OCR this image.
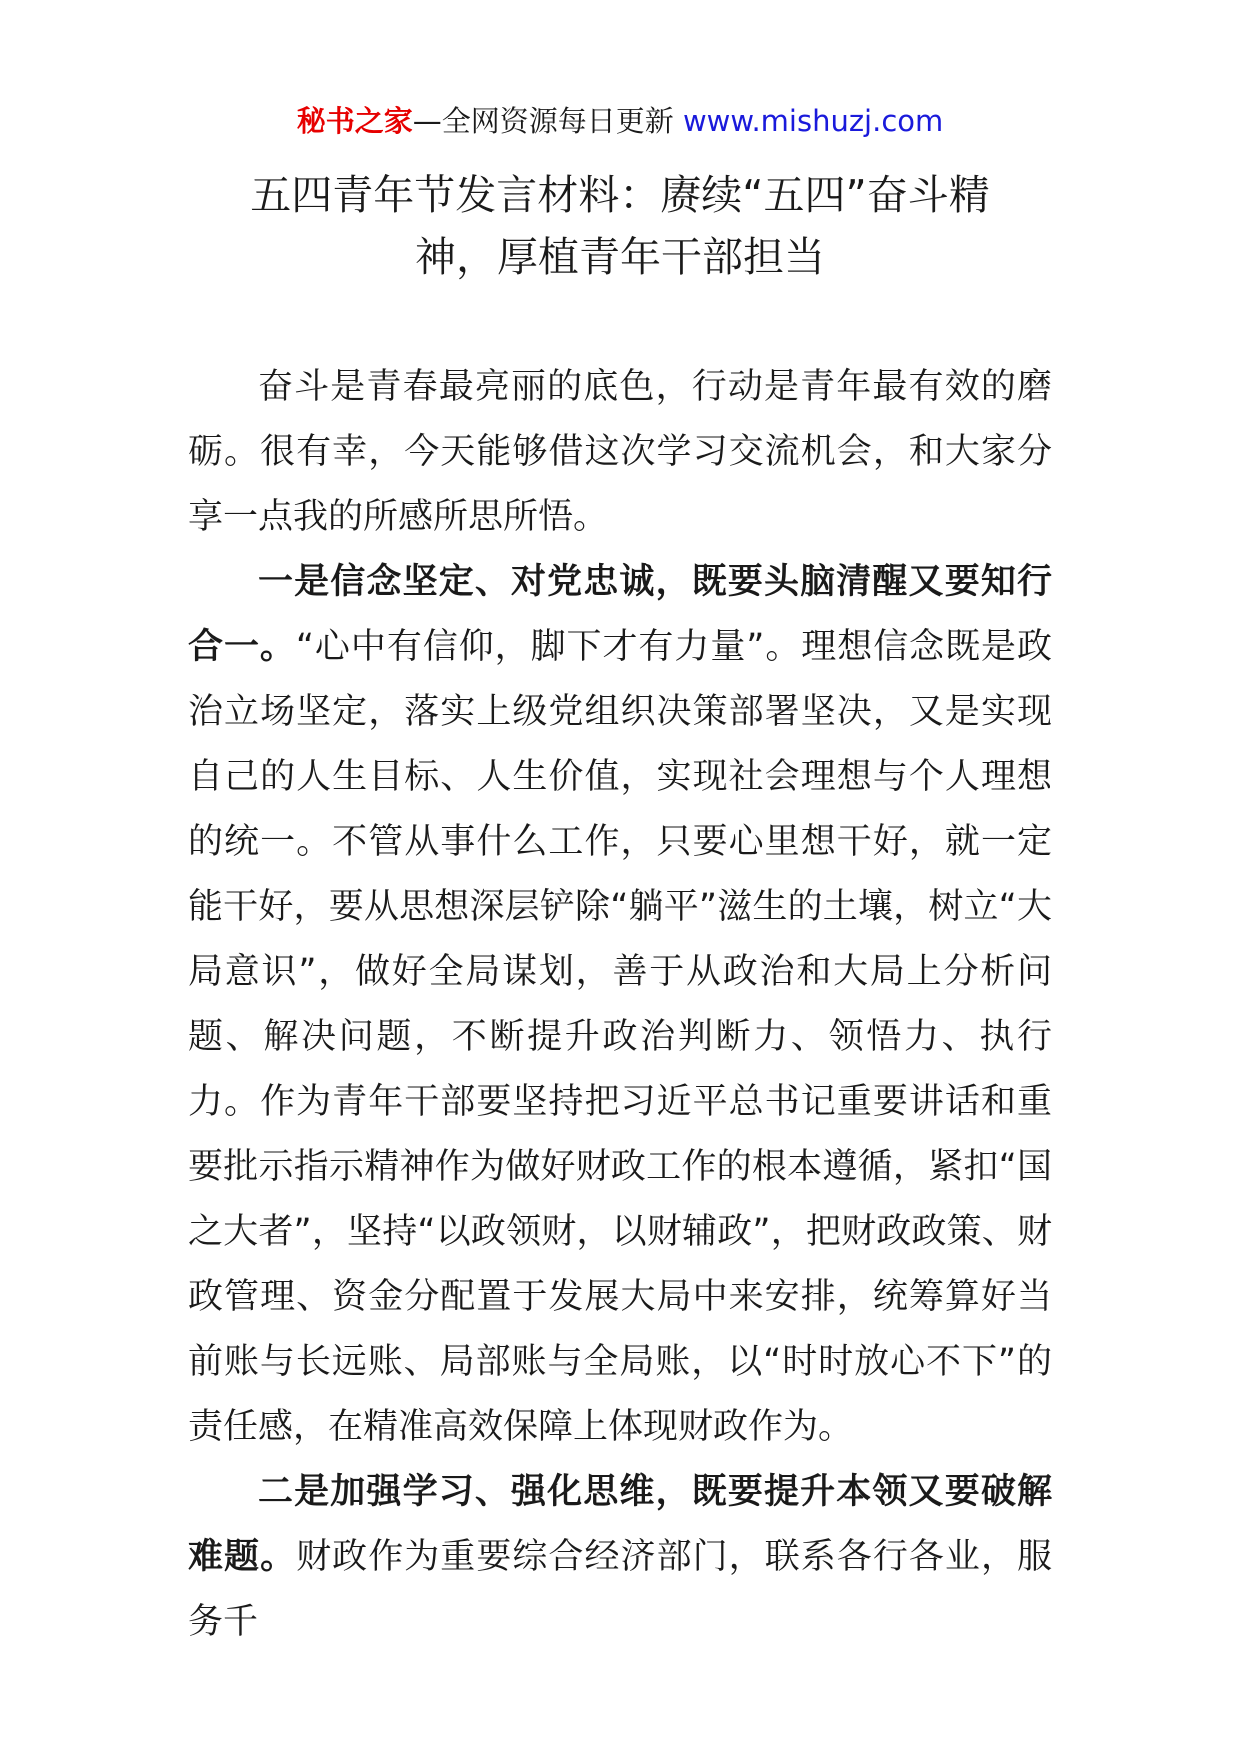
秘书之家—全网资源每日更新 www.mishuzj.com
五四青年节发言材料：赓续“五四”奋斗精
神，厚植青年干部担当

奋斗是青春最亮丽的底色，行动是青年最有效的磨砺。很有幸，今天能够借这次学习交流机会，和大家分享一点我的所感所思所悟。

一是信念坚定、对党忠诚，既要头脑清醒又要知行合一。“心中有信仰，脚下才有力量”。理想信念既是政治立场坚定，落实上级党组织决策部署坚决，又是实现自己的人生目标、人生价值，实现社会理想与个人理想的统一。不管从事什么工作，只要心里想干好，就一定能干好，要从思想深层铲除“躺平”滋生的土壤，树立“大局意识”，做好全局谋划，善于从政治和大局上分析问题、解决问题，不断提升政治判断力、领悟力、执行力。作为青年干部要坚持把习近平总书记重要讲话和重要批示指示精神作为做好财政工作的根本遵循，紧扣“国之大者”，坚持“以政领财，以财辅政”，把财政政策、财政管理、资金分配置于发展大局中来安排，统筹算好当前账与长远账、局部账与全局账，以“时时放心不下”的责任感，在精准高效保障上体现财政作为。

二是加强学习、强化思维，既要提升本领又要破解难题。财政作为重要综合经济部门，联系各行各业，服务千
